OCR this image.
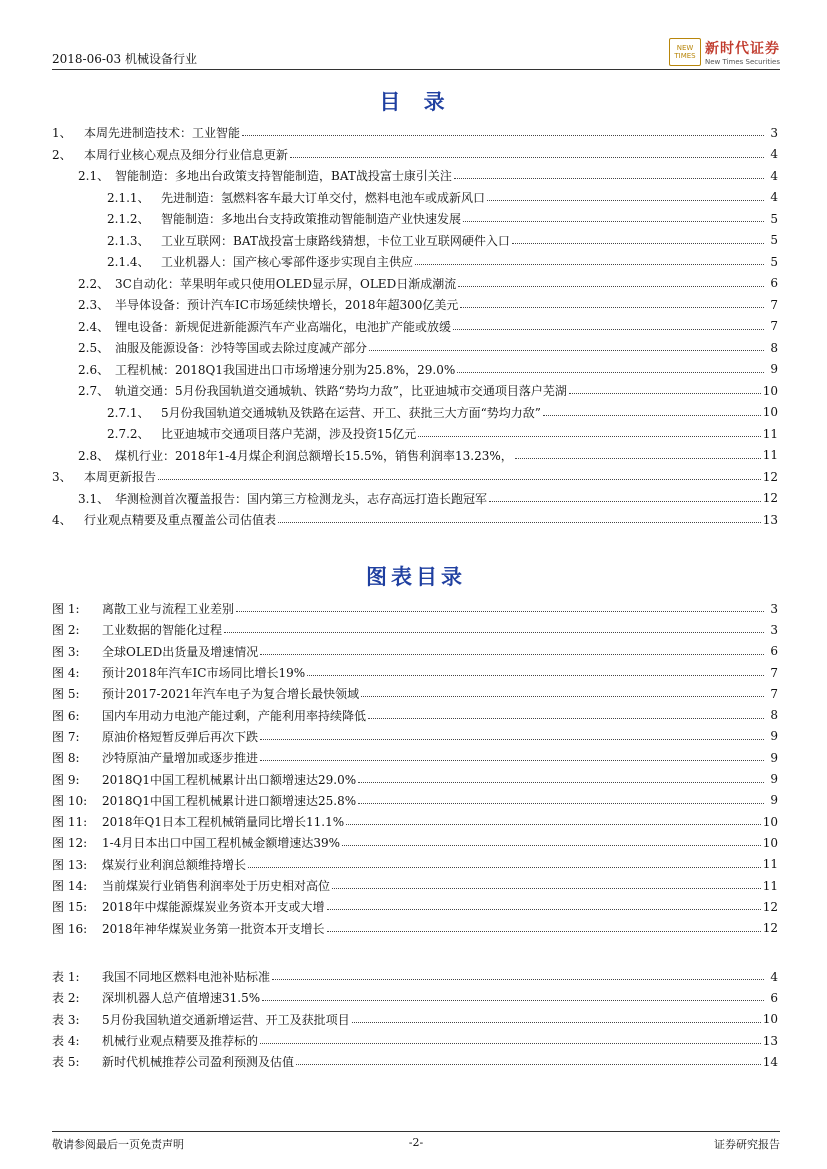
2018-06-03 机械设备行业
NEW
TIMES 新时代证券
New Times Securities
目 录
1、	本周先进制造技术：工业智能	3
2、	本周行业核心观点及细分行业信息更新	4
2.1、 智能制造：多地出台政策支持智能制造，BAT战投富士康引关注	4
2.1.1、 先进制造：氢燃料客车最大订单交付，燃料电池车或成新风口	4
2.1.2、 智能制造：多地出台支持政策推动智能制造产业快速发展	5
2.1.3、 工业互联网：BAT战投富士康路线猜想，卡位工业互联网硬件入口	5
2.1.4、 工业机器人：国产核心零部件逐步实现自主供应	5
2.2、 3C自动化：苹果明年或只使用OLED显示屏，OLED日渐成潮流	6
2.3、 半导体设备：预计汽车IC市场延续快增长，2018年超300亿美元	7
2.4、 锂电设备：新规促进新能源汽车产业高端化，电池扩产能或放缓	7
2.5、 油服及能源设备：沙特等国或去除过度减产部分	8
2.6、 工程机械：2018Q1我国进出口市场增速分别为25.8%，29.0%	9
2.7、 轨道交通：5月份我国轨道交通城轨、铁路“势均力敌”，比亚迪城市交通项目落户芜湖	10
2.7.1、 5月份我国轨道交通城轨及铁路在运营、开工、获批三大方面“势均力敌”	10
2.7.2、 比亚迪城市交通项目落户芜湖，涉及投资15亿元	11
2.8、 煤机行业：2018年1-4月煤企利润总额增长15.5%，销售利润率13.23%，	11
3、	本周更新报告	12
3.1、 华测检测首次覆盖报告：国内第三方检测龙头，志存高远打造长跑冠军	12
4、	行业观点精要及重点覆盖公司估值表	13
图表目录
图 1:	离散工业与流程工业差别	3
图 2:	工业数据的智能化过程	3
图 3:	全球OLED出货量及增速情况	6
图 4:	预计2018年汽车IC市场同比增长19%	7
图 5:	预计2017-2021年汽车电子为复合增长最快领域	7
图 6:	国内车用动力电池产能过剩，产能利用率持续降低	8
图 7:	原油价格短暂反弹后再次下跌	9
图 8:	沙特原油产量增加或逐步推进	9
图 9:	2018Q1中国工程机械累计出口额增速达29.0%	9
图 10:	2018Q1中国工程机械累计进口额增速达25.8%	9
图 11:	2018年Q1日本工程机械销量同比增长11.1%	10
图 12:	1-4月日本出口中国工程机械金额增速达39%	10
图 13:	煤炭行业利润总额维持增长	11
图 14:	当前煤炭行业销售利润率处于历史相对高位	11
图 15:	2018年中煤能源煤炭业务资本开支或大增	12
图 16:	2018年神华煤炭业务第一批资本开支增长	12
表 1:	我国不同地区燃料电池补贴标准	4
表 2:	深圳机器人总产值增速31.5%	6
表 3:	5月份我国轨道交通新增运营、开工及获批项目	10
表 4:	机械行业观点精要及推荐标的	13
表 5:	新时代机械推荐公司盈利预测及估值	14
敬请参阅最后一页免责声明	-2-	证券研究报告
